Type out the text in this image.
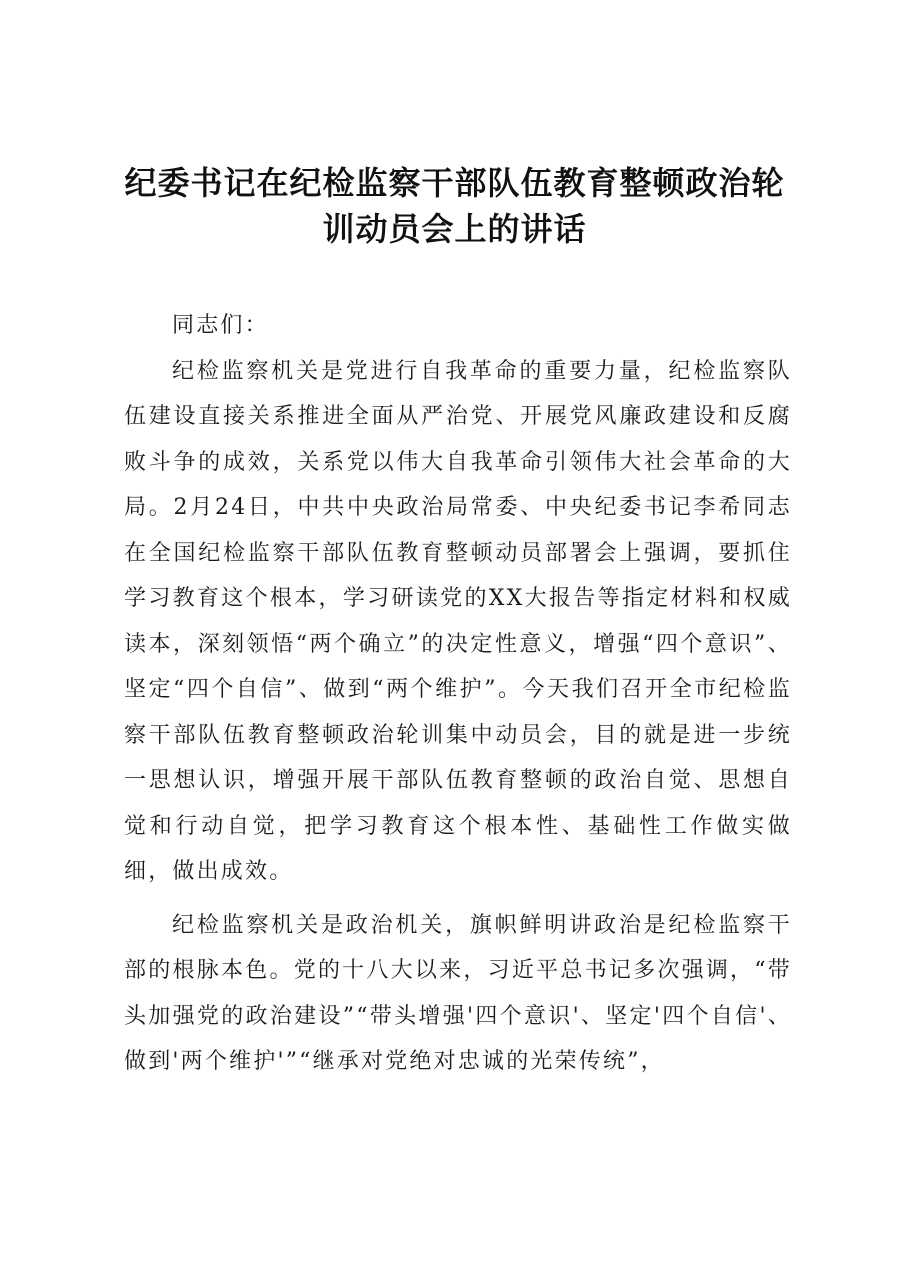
纪委书记在纪检监察干部队伍教育整顿政治轮
训动员会上的讲话

同志们：

纪检监察机关是党进行自我革命的重要力量，纪检监察队伍建设直接关系推进全面从严治党、开展党风廉政建设和反腐败斗争的成效，关系党以伟大自我革命引领伟大社会革命的大局。2月24日，中共中央政治局常委、中央纪委书记李希同志在全国纪检监察干部队伍教育整顿动员部署会上强调，要抓住学习教育这个根本，学习研读党的XX大报告等指定材料和权威读本，深刻领悟“两个确立”的决定性意义，增强“四个意识”、坚定“四个自信”、做到“两个维护”。今天我们召开全市纪检监察干部队伍教育整顿政治轮训集中动员会，目的就是进一步统一思想认识，增强开展干部队伍教育整顿的政治自觉、思想自觉和行动自觉，把学习教育这个根本性、基础性工作做实做细，做出成效。

纪检监察机关是政治机关，旗帜鲜明讲政治是纪检监察干部的根脉本色。党的十八大以来，习近平总书记多次强调，“带头加强党的政治建设”“带头增强'四个意识'、坚定'四个自信'、做到'两个维护'”“继承对党绝对忠诚的光荣传统”，
